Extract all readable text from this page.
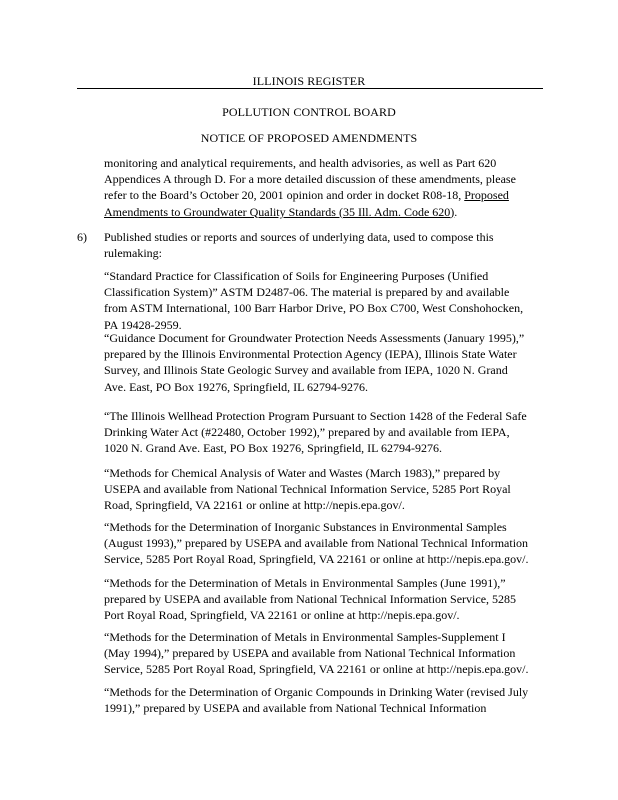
ILLINOIS REGISTER
POLLUTION CONTROL BOARD
NOTICE OF PROPOSED AMENDMENTS

monitoring and analytical requirements, and health advisories, as well as Part 620 Appendices A through D. For a more detailed discussion of these amendments, please refer to the Board’s October 20, 2001 opinion and order in docket R08-18, Proposed Amendments to Groundwater Quality Standards (35 Ill. Adm. Code 620).

6) Published studies or reports and sources of underlying data, used to compose this rulemaking:

“Standard Practice for Classification of Soils for Engineering Purposes (Unified Classification System)” ASTM D2487-06. The material is prepared by and available from ASTM International, 100 Barr Harbor Drive, PO Box C700, West Conshohocken, PA 19428-2959.

“Guidance Document for Groundwater Protection Needs Assessments (January 1995),” prepared by the Illinois Environmental Protection Agency (IEPA), Illinois State Water Survey, and Illinois State Geologic Survey and available from IEPA, 1020 N. Grand Ave. East, PO Box 19276, Springfield, IL 62794-9276.

“The Illinois Wellhead Protection Program Pursuant to Section 1428 of the Federal Safe Drinking Water Act (#22480, October 1992),” prepared by and available from IEPA, 1020 N. Grand Ave. East, PO Box 19276, Springfield, IL 62794-9276.

“Methods for Chemical Analysis of Water and Wastes (March 1983),” prepared by USEPA and available from National Technical Information Service, 5285 Port Royal Road, Springfield, VA 22161 or online at http://nepis.epa.gov/.

“Methods for the Determination of Inorganic Substances in Environmental Samples (August 1993),” prepared by USEPA and available from National Technical Information Service, 5285 Port Royal Road, Springfield, VA 22161 or online at http://nepis.epa.gov/.

“Methods for the Determination of Metals in Environmental Samples (June 1991),” prepared by USEPA and available from National Technical Information Service, 5285 Port Royal Road, Springfield, VA 22161 or online at http://nepis.epa.gov/.

“Methods for the Determination of Metals in Environmental Samples-Supplement I (May 1994),” prepared by USEPA and available from National Technical Information Service, 5285 Port Royal Road, Springfield, VA 22161 or online at http://nepis.epa.gov/.

“Methods for the Determination of Organic Compounds in Drinking Water (revised July 1991),” prepared by USEPA and available from National Technical Information
